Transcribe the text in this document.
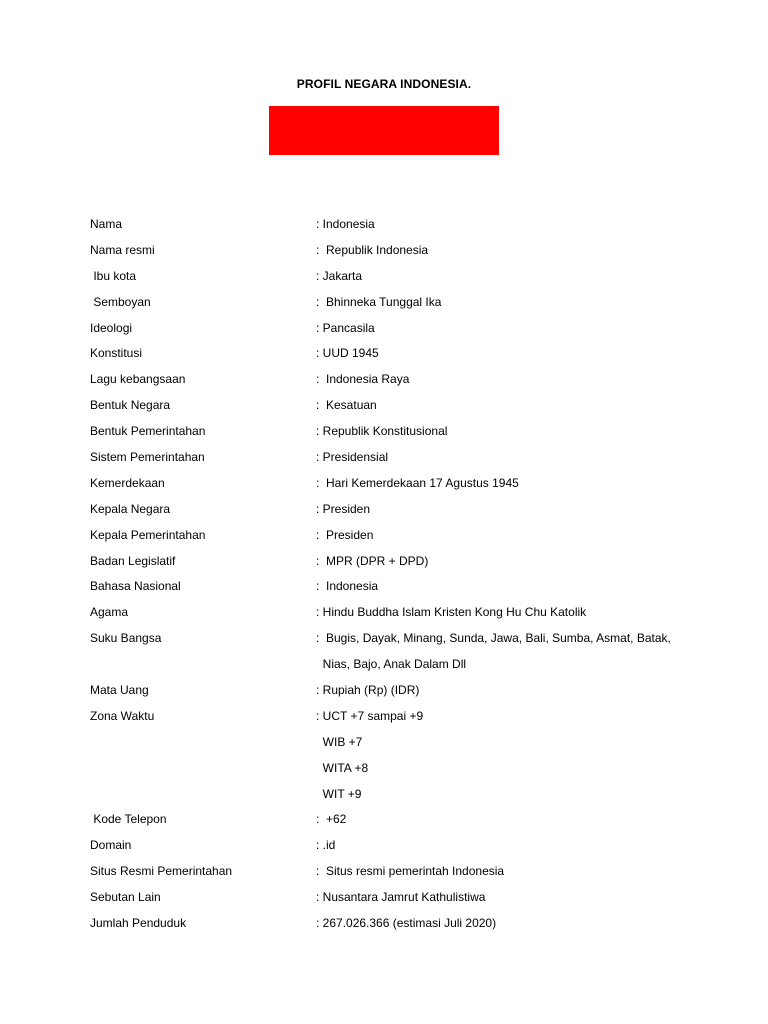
PROFIL NEGARA INDONESIA.
Nama	: Indonesia
Nama resmi	:  Republik Indonesia
Ibu kota	: Jakarta
Semboyan	:  Bhinneka Tunggal Ika
Ideologi	: Pancasila
Konstitusi	: UUD 1945
Lagu kebangsaan	:  Indonesia Raya
Bentuk Negara	:  Kesatuan
Bentuk Pemerintahan	: Republik Konstitusional
Sistem Pemerintahan	: Presidensial
Kemerdekaan	:  Hari Kemerdekaan 17 Agustus 1945
Kepala Negara	: Presiden
Kepala Pemerintahan	:  Presiden
Badan Legislatif	:  MPR (DPR + DPD)
Bahasa Nasional	:  Indonesia
Agama	: Hindu Buddha Islam Kristen Kong Hu Chu Katolik
Suku Bangsa	:  Bugis, Dayak, Minang, Sunda, Jawa, Bali, Sumba, Asmat, Batak,
Nias, Bajo, Anak Dalam Dll
Mata Uang	: Rupiah (Rp) (IDR)
Zona Waktu	: UCT +7 sampai +9
WIB +7
WITA +8
WIT +9
Kode Telepon	:  +62
Domain	: .id
Situs Resmi Pemerintahan	:  Situs resmi pemerintah Indonesia
Sebutan Lain	: Nusantara Jamrut Kathulistiwa
Jumlah Penduduk	: 267.026.366 (estimasi Juli 2020)
